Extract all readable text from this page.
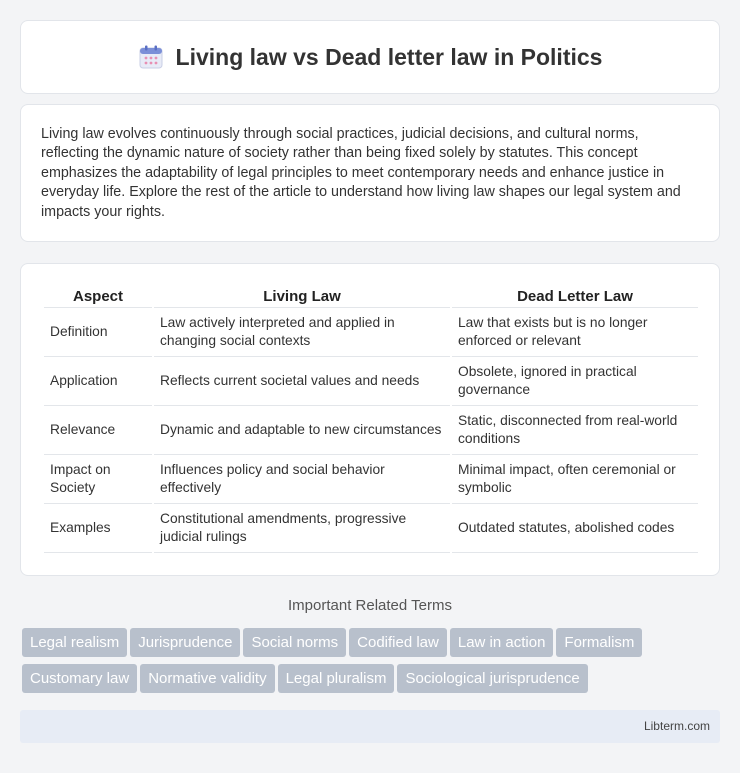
Living law vs Dead letter law in Politics

Living law evolves continuously through social practices, judicial decisions, and cultural norms, reflecting the dynamic nature of society rather than being fixed solely by statutes. This concept emphasizes the adaptability of legal principles to meet contemporary needs and enhance justice in everyday life. Explore the rest of the article to understand how living law shapes our legal system and impacts your rights.

Aspect	Living Law	Dead Letter Law
Definition	Law actively interpreted and applied in changing social contexts	Law that exists but is no longer enforced or relevant
Application	Reflects current societal values and needs	Obsolete, ignored in practical governance
Relevance	Dynamic and adaptable to new circumstances	Static, disconnected from real-world conditions
Impact on Society	Influences policy and social behavior effectively	Minimal impact, often ceremonial or symbolic
Examples	Constitutional amendments, progressive judicial rulings	Outdated statutes, abolished codes
Important Related Terms
Legal realism Jurisprudence Social norms Codified law Law in action Formalism
Customary law Normative validity Legal pluralism Sociological jurisprudence
Libterm.com
